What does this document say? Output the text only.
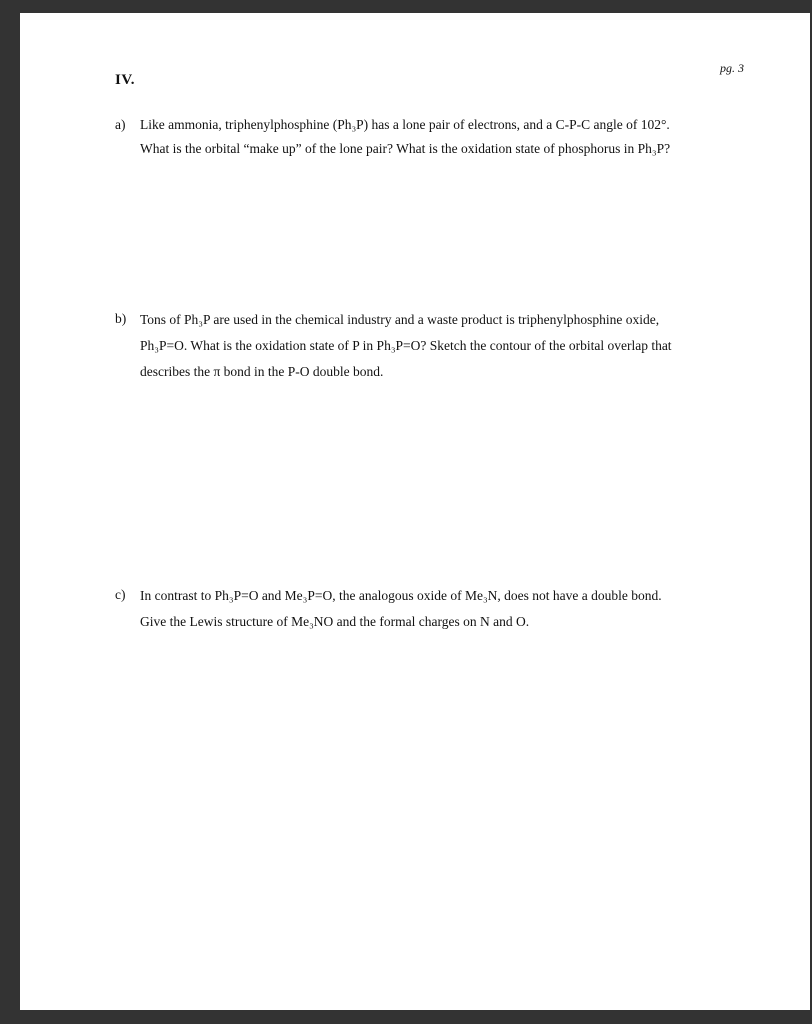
pg. 3
IV.
a)	Like ammonia, triphenylphosphine (Ph₃P) has a lone pair of electrons, and a C-P-C angle of 102°.
What is the orbital “make up” of the lone pair? What is the oxidation state of phosphorus in Ph₃P?
b)	Tons of Ph₃P are used in the chemical industry and a waste product is triphenylphosphine oxide,
Ph₃P=O. What is the oxidation state of P in Ph₃P=O? Sketch the contour of the orbital overlap that
describes the π bond in the P-O double bond.
c)	In contrast to Ph₃P=O and Me₃P=O, the analogous oxide of Me₃N, does not have a double bond.
Give the Lewis structure of Me₃NO and the formal charges on N and O.
